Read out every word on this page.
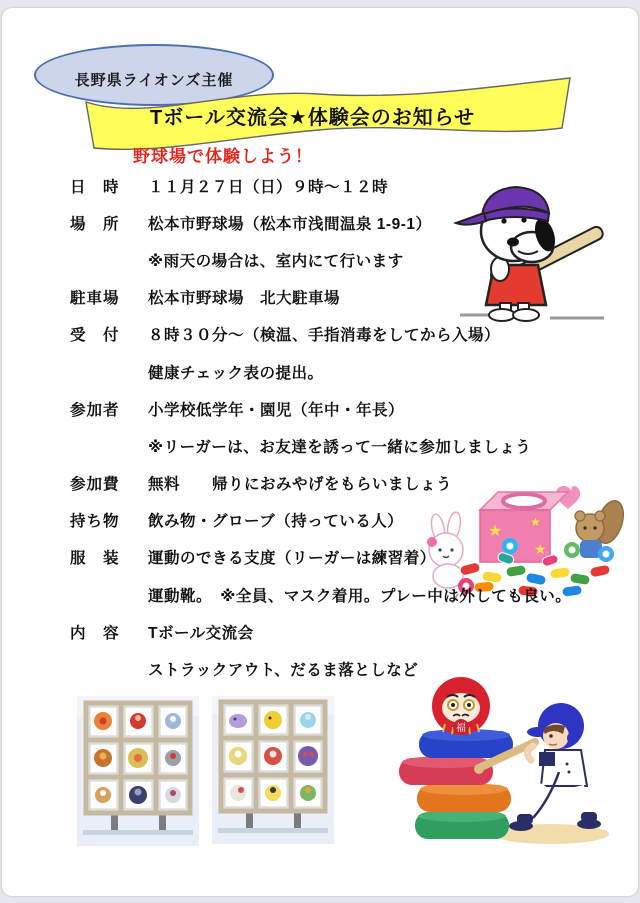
長野県ライオンズ主催
Tボール交流会★体験会のお知らせ
野球場で体験しよう！
日　時	１１月２７日（日）９時～１２時
場　所	松本市野球場（松本市浅間温泉 1-9-1）
※雨天の場合は、室内にて行います
駐車場	松本市野球場　北大駐車場
受　付	８時３０分～（検温、手指消毒をしてから入場）
健康チェック表の提出。
参加者	小学校低学年・園児（年中・年長）
※リーガーは、お友達を誘って一緒に参加しましょう
参加費	無料　　帰りにおみやげをもらいましょう
持ち物	飲み物・グローブ（持っている人）
服　装	運動のできる支度（リーガーは練習着）
運動靴。　※全員、マスク着用。プレー中は外しても良い。
内　容	Tボール交流会
ストラックアウト、だるま落としなど
★
★
★
福
